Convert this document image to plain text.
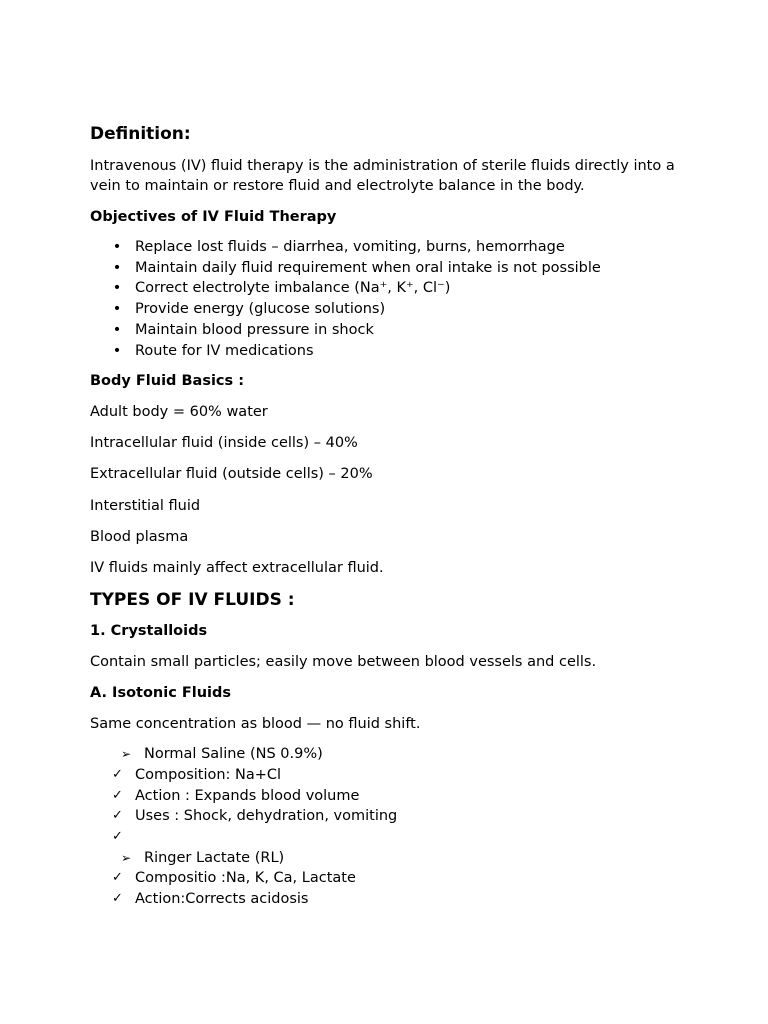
Definition:

Intravenous (IV) fluid therapy is the administration of sterile fluids directly into a vein to maintain or restore fluid and electrolyte balance in the body.

Objectives of IV Fluid Therapy

• Replace lost fluids – diarrhea, vomiting, burns, hemorrhage
• Maintain daily fluid requirement when oral intake is not possible
• Correct electrolyte imbalance (Na⁺, K⁺, Cl⁻)
• Provide energy (glucose solutions)
• Maintain blood pressure in shock
• Route for IV medications

Body Fluid Basics :

Adult body = 60% water

Intracellular fluid (inside cells) – 40%

Extracellular fluid (outside cells) – 20%

Interstitial fluid

Blood plasma

IV fluids mainly affect extracellular fluid.

TYPES OF IV FLUIDS :

1. Crystalloids

Contain small particles; easily move between blood vessels and cells.

A. Isotonic Fluids

Same concentration as blood — no fluid shift.

➢ Normal Saline (NS 0.9%)
✓ Composition: Na+Cl
✓ Action : Expands blood volume
✓ Uses : Shock, dehydration, vomiting
✓
➢ Ringer Lactate (RL)
✓ Compositio :Na, K, Ca, Lactate
✓ Action:Corrects acidosis
